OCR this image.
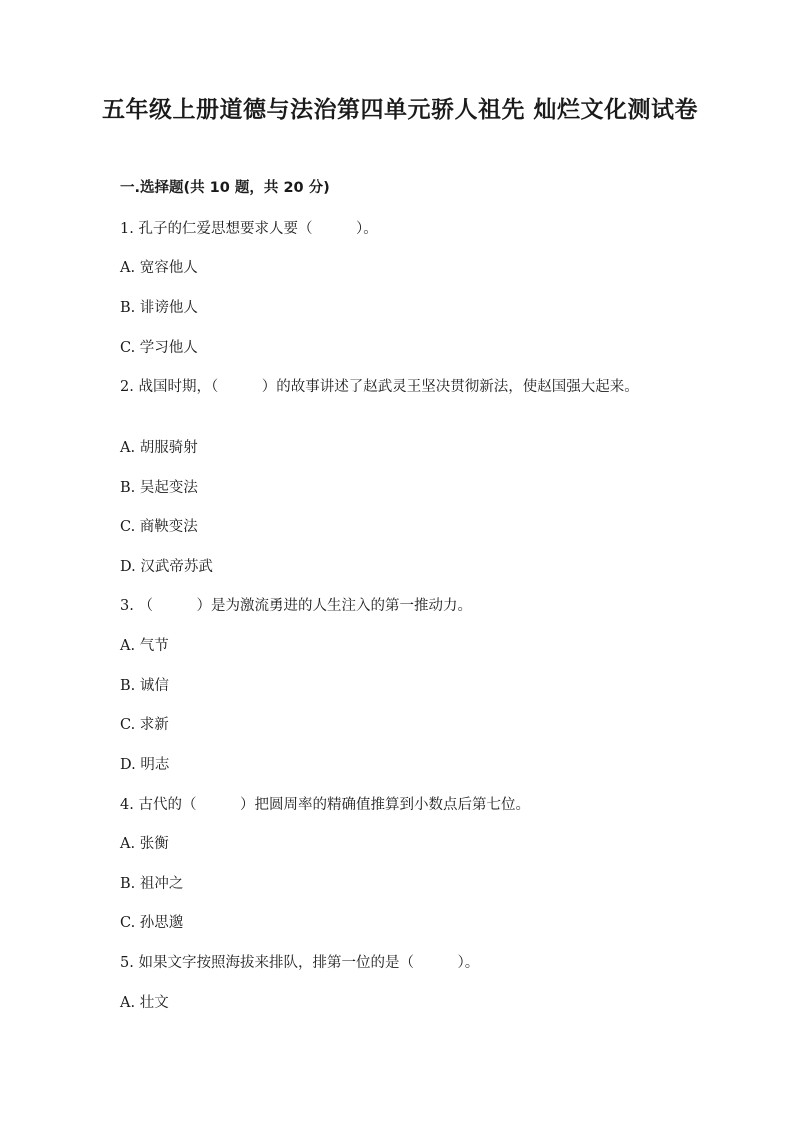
五年级上册道德与法治第四单元骄人祖先 灿烂文化测试卷
一.选择题(共 10 题，共 20 分)
1. 孔子的仁爱思想要求人要（　　　）。
A. 宽容他人
B. 诽谤他人
C. 学习他人
2. 战国时期，（　　　）的故事讲述了赵武灵王坚决贯彻新法，使赵国强大起来。
A. 胡服骑射
B. 吴起变法
C. 商鞅变法
D. 汉武帝苏武
3. （　　　）是为激流勇进的人生注入的第一推动力。
A. 气节
B. 诚信
C. 求新
D. 明志
4. 古代的（　　　）把圆周率的精确值推算到小数点后第七位。
A. 张衡
B. 祖冲之
C. 孙思邈
5. 如果文字按照海拔来排队，排第一位的是（　　　）。
A. 壮文
